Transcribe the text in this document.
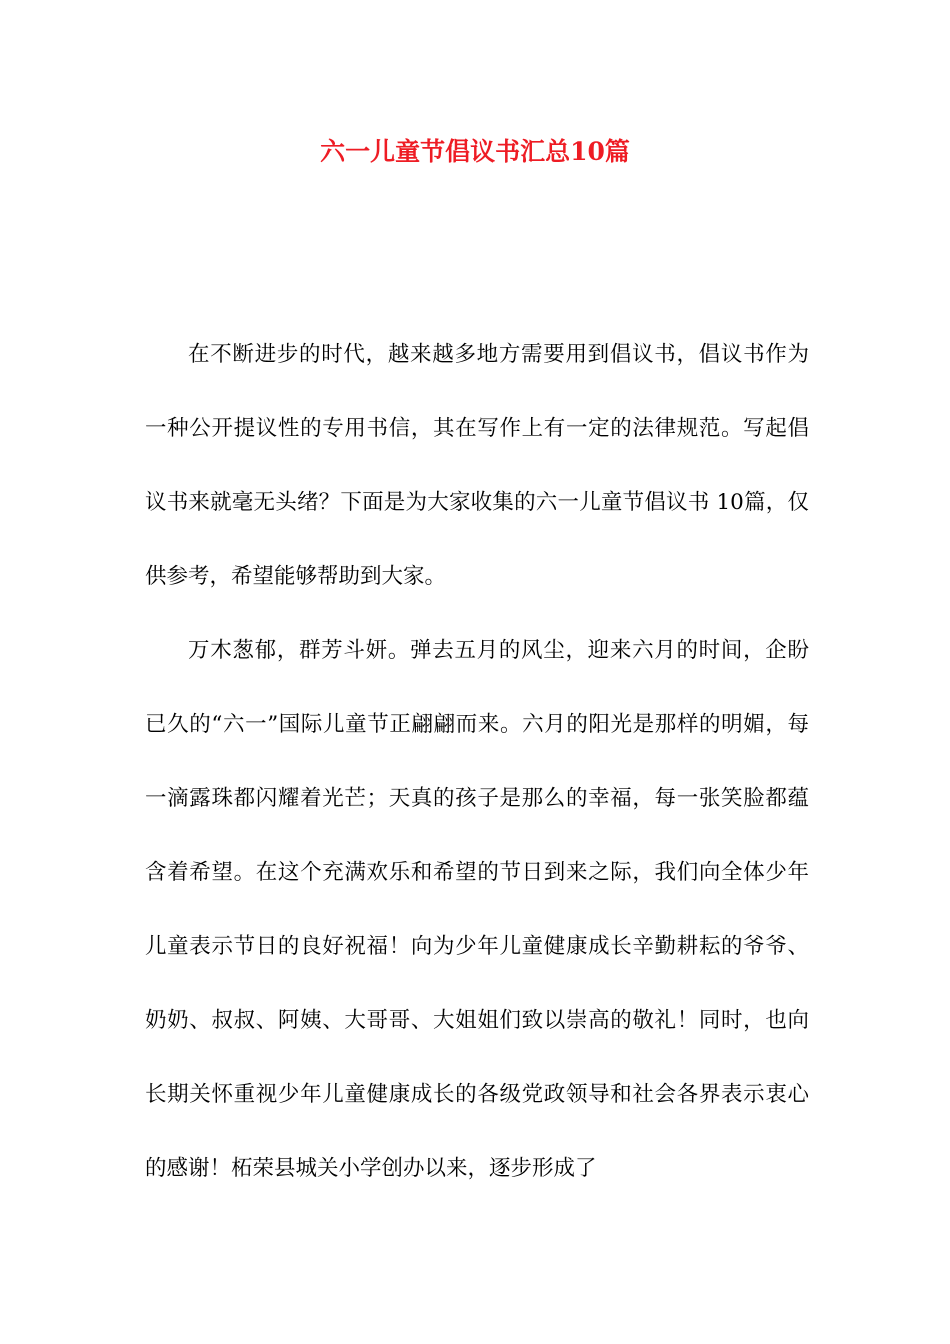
六一儿童节倡议书汇总10篇

在不断进步的时代，越来越多地方需要用到倡议书，倡议书作为一种公开提议性的专用书信，其在写作上有一定的法律规范。写起倡议书来就毫无头绪？下面是为大家收集的六一儿童节倡议书 10篇，仅供参考，希望能够帮助到大家。

万木葱郁，群芳斗妍。弹去五月的风尘，迎来六月的时间，企盼已久的“六一”国际儿童节正翩翩而来。六月的阳光是那样的明媚，每一滴露珠都闪耀着光芒；天真的孩子是那么的幸福，每一张笑脸都蕴含着希望。在这个充满欢乐和希望的节日到来之际，我们向全体少年儿童表示节日的良好祝福！向为少年儿童健康成长辛勤耕耘的爷爷、奶奶、叔叔、阿姨、大哥哥、大姐姐们致以崇高的敬礼！同时，也向长期关怀重视少年儿童健康成长的各级党政领导和社会各界表示衷心的感谢！柘荣县城关小学创办以来，逐步形成了
